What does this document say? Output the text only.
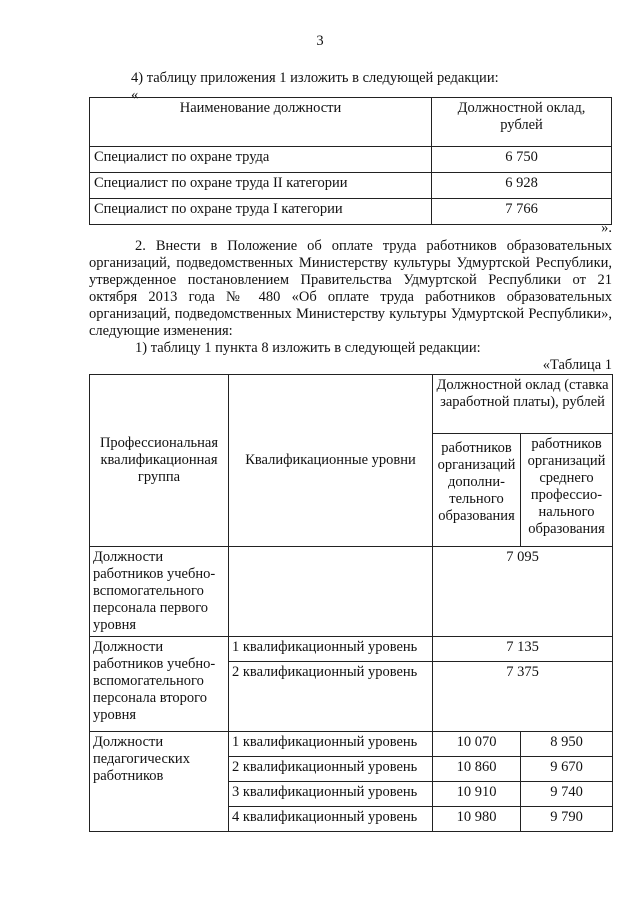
3

4) таблицу приложения 1 изложить в следующей редакции:

«

Наименование должности	Должностной оклад, рублей
Специалист по охране труда	6 750
Специалист по охране труда II категории	6 928
Специалист по охране труда I категории	7 766

».

2. Внести в Положение об оплате труда работников образовательных организаций, подведомственных Министерству культуры Удмуртской Республики, утвержденное постановлением Правительства Удмуртской Республики от 21 октября 2013 года № 480 «Об оплате труда работников образовательных организаций, подведомственных Министерству культуры Удмуртской Республики», следующие изменения:

1) таблицу 1 пункта 8 изложить в следующей редакции:

«Таблица 1

Профессиональная квалификационная группа	Квалификационные уровни	Должностной оклад (ставка заработной платы), рублей	
		работников организаций дополни-тельного образования	работников организаций среднего профессио-нального образования
Должности работников учебно-вспомогательного персонала первого уровня		7 095	
Должности работников учебно-вспомогательного персонала второго уровня	1 квалификационный уровень	7 135	
	2 квалификационный уровень	7 375	
Должности педагогических работников	1 квалификационный уровень	10 070	8 950
	2 квалификационный уровень	10 860	9 670
	3 квалификационный уровень	10 910	9 740
	4 квалификационный уровень	10 980	9 790
